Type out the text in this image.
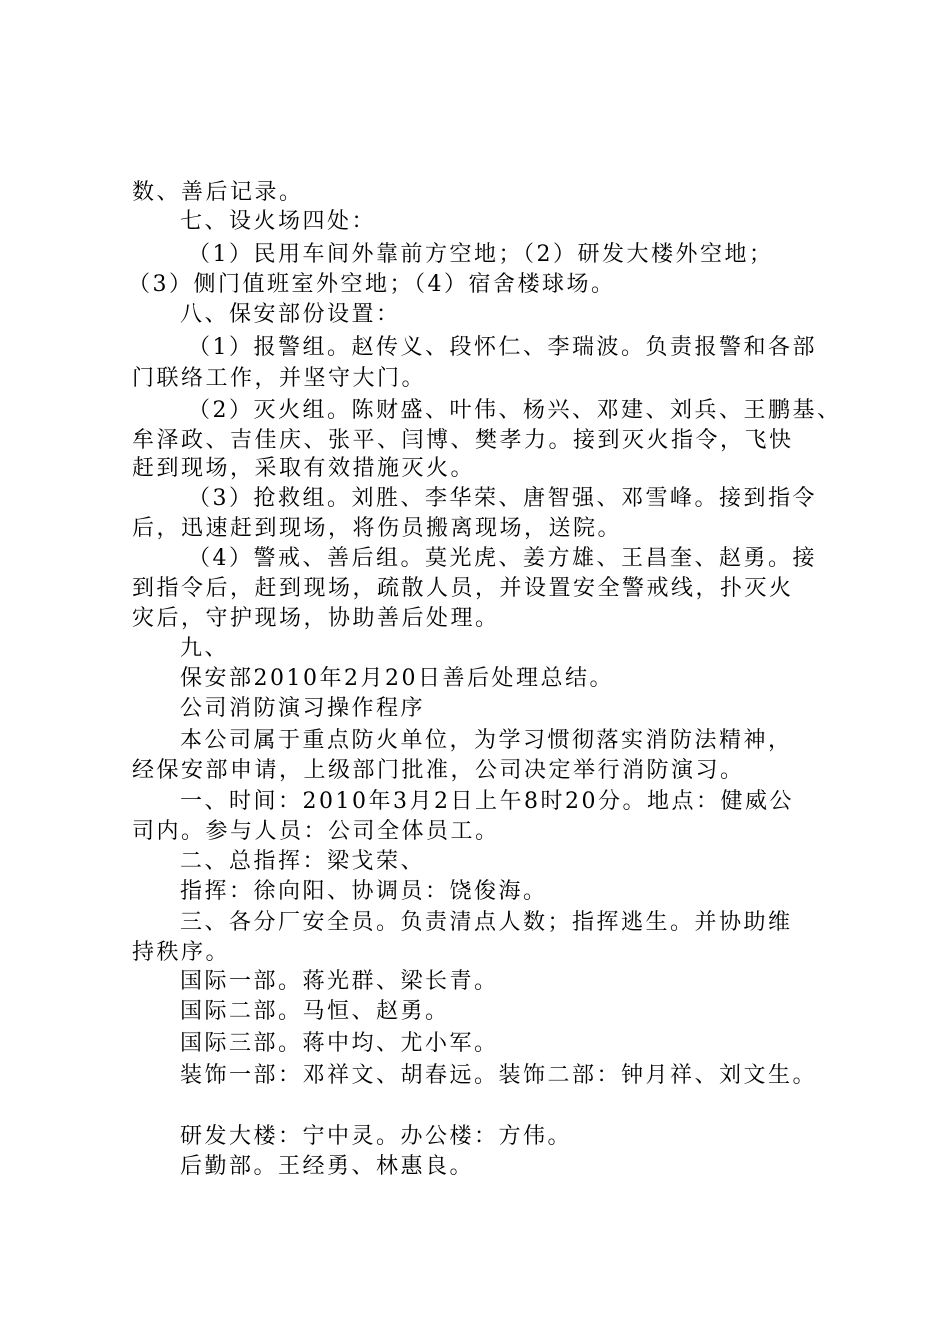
数、善后记录。
七、设火场四处：
（1）民用车间外靠前方空地；（2）研发大楼外空地；
（3）侧门值班室外空地；（4）宿舍楼球场。
八、保安部份设置：
（1）报警组。赵传义、段怀仁、李瑞波。负责报警和各部
门联络工作，并坚守大门。
（2）灭火组。陈财盛、叶伟、杨兴、邓建、刘兵、王鹏基、
牟泽政、吉佳庆、张平、闫博、樊孝力。接到灭火指令，飞快
赶到现场，采取有效措施灭火。
（3）抢救组。刘胜、李华荣、唐智强、邓雪峰。接到指令
后，迅速赶到现场，将伤员搬离现场，送院。
（4）警戒、善后组。莫光虎、姜方雄、王昌奎、赵勇。接
到指令后，赶到现场，疏散人员，并设置安全警戒线，扑灭火
灾后，守护现场，协助善后处理。
九、
保安部2010年2月20日善后处理总结。
公司消防演习操作程序
本公司属于重点防火单位，为学习惯彻落实消防法精神，
经保安部申请，上级部门批准，公司决定举行消防演习。
一、时间：2010年3月2日上午8时20分。地点：健威公
司内。参与人员：公司全体员工。
二、总指挥：梁戈荣、
指挥：徐向阳、协调员：饶俊海。
三、各分厂安全员。负责清点人数；指挥逃生。并协助维
持秩序。
国际一部。蒋光群、梁长青。
国际二部。马恒、赵勇。
国际三部。蒋中均、尤小军。
装饰一部：邓祥文、胡春远。装饰二部：钟月祥、刘文生。
研发大楼：宁中灵。办公楼：方伟。
后勤部。王经勇、林惠良。
